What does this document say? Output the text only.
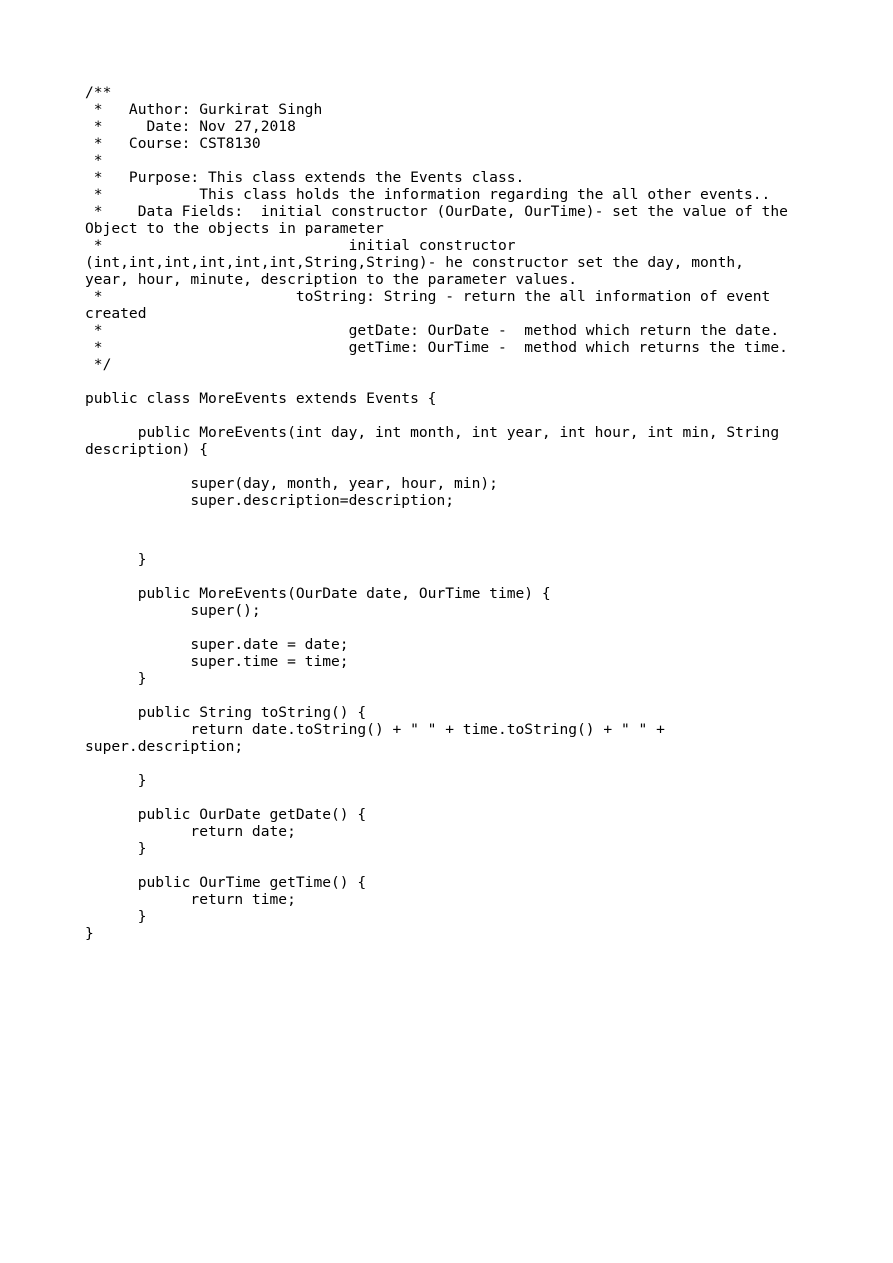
/**
*   Author: Gurkirat Singh
*     Date: Nov 27,2018
*   Course: CST8130
*
*   Purpose: This class extends the Events class.
*           This class holds the information regarding the all other events..
*    Data Fields:  initial constructor (OurDate, OurTime)- set the value of the
Object to the objects in parameter
*                            initial constructor
(int,int,int,int,int,int,String,String)- he constructor set the day, month,
year, hour, minute, description to the parameter values.
*                      toString: String - return the all information of event
created
*                            getDate: OurDate -  method which return the date.
*                            getTime: OurTime -  method which returns the time.
*/
public class MoreEvents extends Events {
public MoreEvents(int day, int month, int year, int hour, int min, String
description) {
super(day, month, year, hour, min);
super.description=description;
}
public MoreEvents(OurDate date, OurTime time) {
super();
super.date = date;
super.time = time;
}
public String toString() {
return date.toString() + " " + time.toString() + " " +
super.description;
}
public OurDate getDate() {
return date;
}
public OurTime getTime() {
return time;
}
}
